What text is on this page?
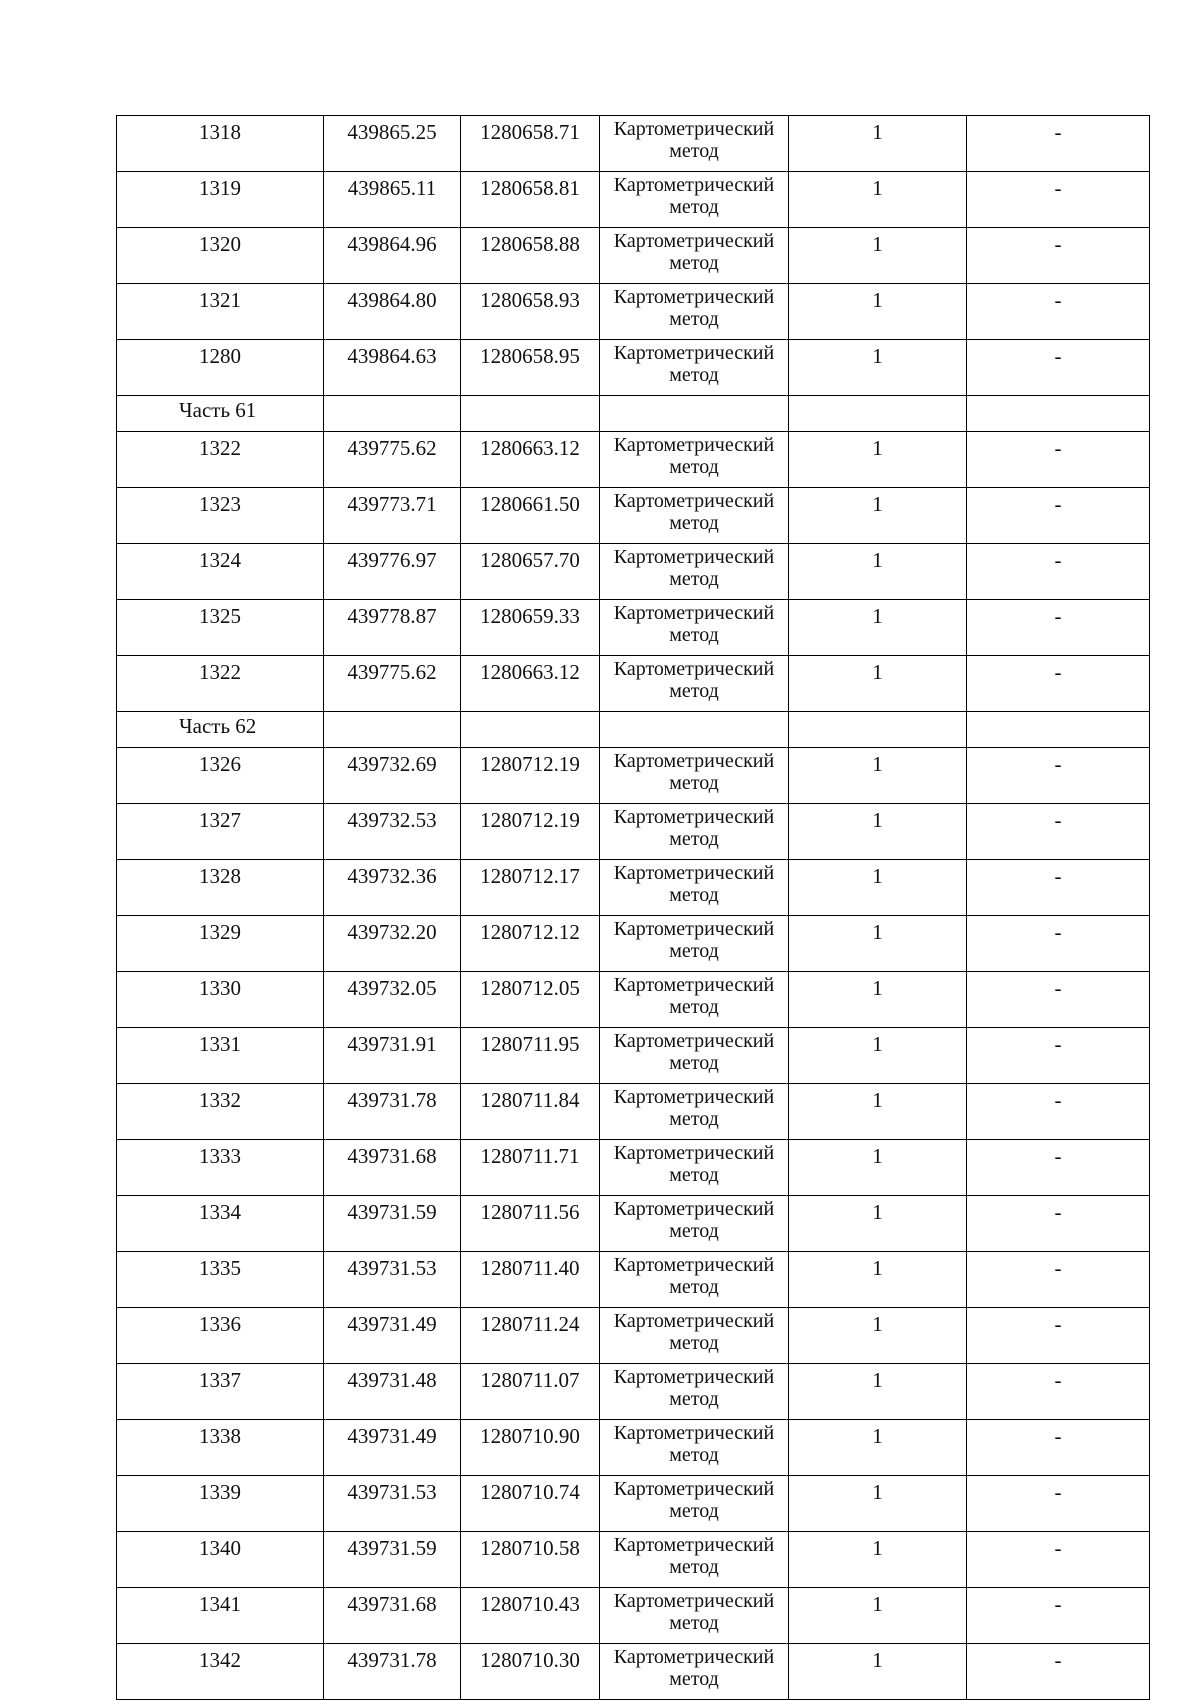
1318	439865.25	1280658.71	Картометрический метод	1	-
1319	439865.11	1280658.81	Картометрический метод	1	-
1320	439864.96	1280658.88	Картометрический метод	1	-
1321	439864.80	1280658.93	Картометрический метод	1	-
1280	439864.63	1280658.95	Картометрический метод	1	-
Часть 61					
1322	439775.62	1280663.12	Картометрический метод	1	-
1323	439773.71	1280661.50	Картометрический метод	1	-
1324	439776.97	1280657.70	Картометрический метод	1	-
1325	439778.87	1280659.33	Картометрический метод	1	-
1322	439775.62	1280663.12	Картометрический метод	1	-
Часть 62					
1326	439732.69	1280712.19	Картометрический метод	1	-
1327	439732.53	1280712.19	Картометрический метод	1	-
1328	439732.36	1280712.17	Картометрический метод	1	-
1329	439732.20	1280712.12	Картометрический метод	1	-
1330	439732.05	1280712.05	Картометрический метод	1	-
1331	439731.91	1280711.95	Картометрический метод	1	-
1332	439731.78	1280711.84	Картометрический метод	1	-
1333	439731.68	1280711.71	Картометрический метод	1	-
1334	439731.59	1280711.56	Картометрический метод	1	-
1335	439731.53	1280711.40	Картометрический метод	1	-
1336	439731.49	1280711.24	Картометрический метод	1	-
1337	439731.48	1280711.07	Картометрический метод	1	-
1338	439731.49	1280710.90	Картометрический метод	1	-
1339	439731.53	1280710.74	Картометрический метод	1	-
1340	439731.59	1280710.58	Картометрический метод	1	-
1341	439731.68	1280710.43	Картометрический метод	1	-
1342	439731.78	1280710.30	Картометрический метод	1	-
